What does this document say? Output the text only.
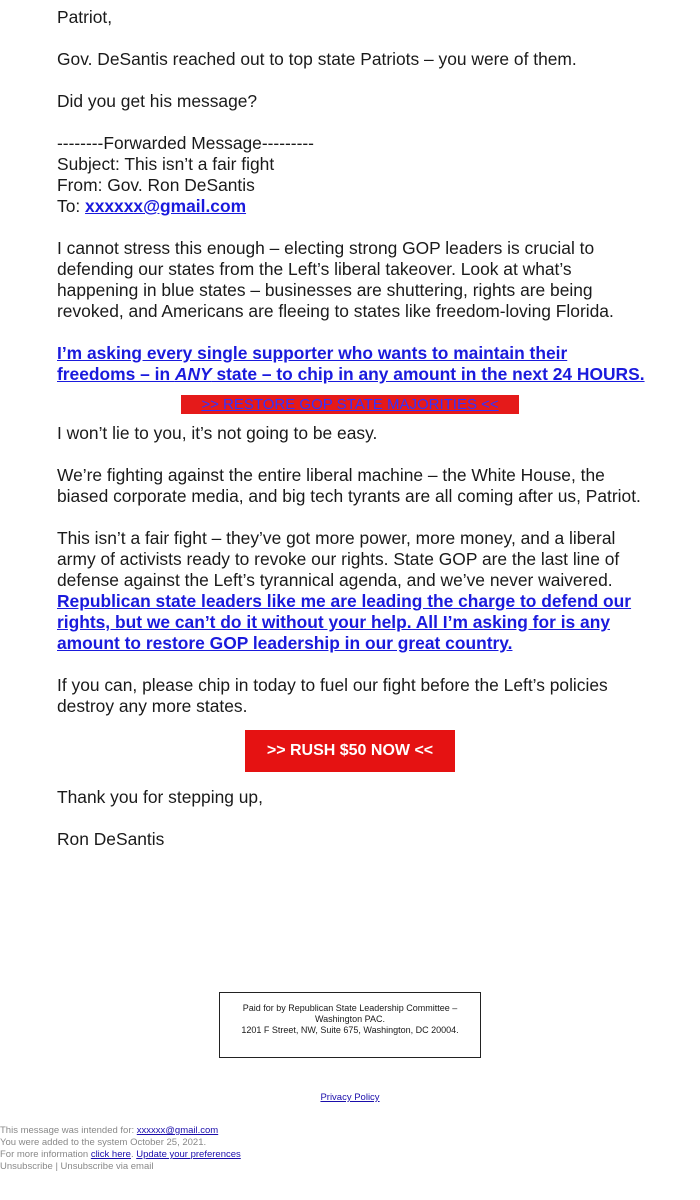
Patriot,

Gov. DeSantis reached out to top state Patriots – you were of them.

Did you get his message?

--------Forwarded Message---------

Subject: This isn’t a fair fight

From: Gov. Ron DeSantis

To: xxxxxx@gmail.com

I cannot stress this enough – electing strong GOP leaders is crucial to defending our states from the Left’s liberal takeover. Look at what’s happening in blue states – businesses are shuttering, rights are being revoked, and Americans are fleeing to states like freedom-loving Florida.

I’m asking every single supporter who wants to maintain their freedoms – in ANY state – to chip in any amount in the next 24 HOURS.

>> RESTORE GOP STATE MAJORITIES <<

I won’t lie to you, it’s not going to be easy.

We’re fighting against the entire liberal machine – the White House, the biased corporate media, and big tech tyrants are all coming after us, Patriot.

This isn’t a fair fight – they’ve got more power, more money, and a liberal army of activists ready to revoke our rights. State GOP are the last line of defense against the Left’s tyrannical agenda, and we’ve never waivered.

Republican state leaders like me are leading the charge to defend our rights, but we can’t do it without your help. All I’m asking for is any amount to restore GOP leadership in our great country.

If you can, please chip in today to fuel our fight before the Left’s policies destroy any more states.

>> RUSH $50 NOW <<

Thank you for stepping up,

Ron DeSantis

Paid for by Republican State Leadership Committee – Washington PAC.
1201 F Street, NW, Suite 675, Washington, DC 20004.
Privacy Policy
This message was intended for: xxxxxx@gmail.com
You were added to the system October 25, 2021.
For more information click here. Update your preferences
Unsubscribe | Unsubscribe via email
